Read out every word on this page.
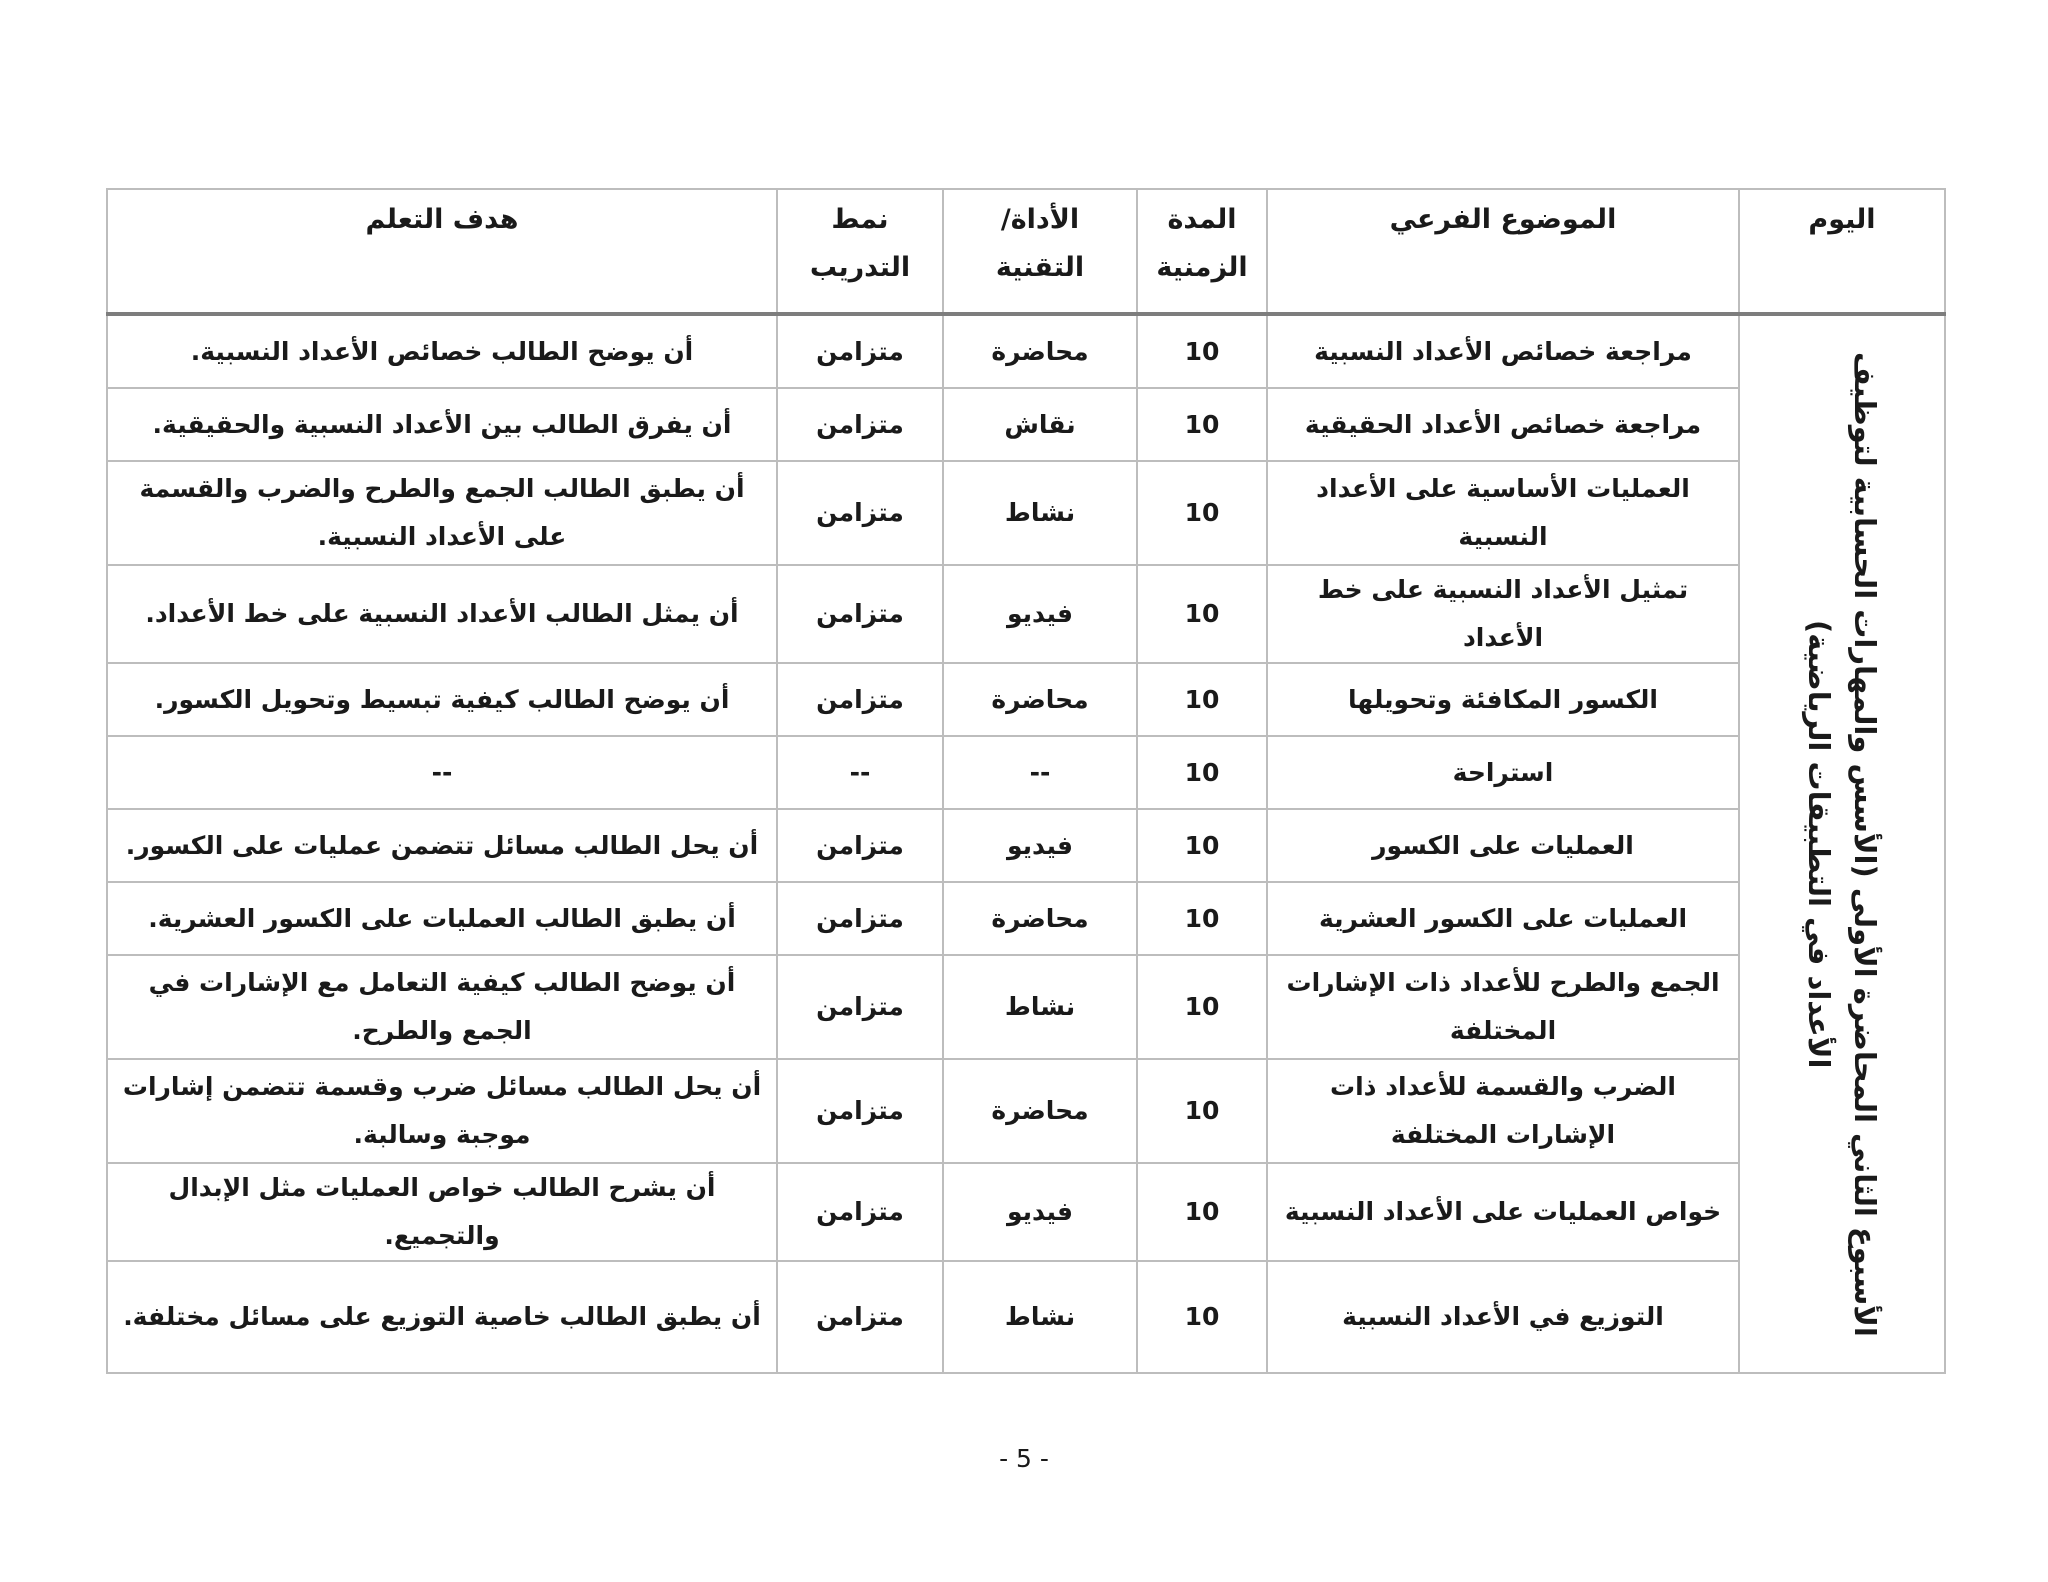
اليوم	الموضوع الفرعي	المدة الزمنية	الأداة/التقنية	نمط التدريب	هدف التعلم

الأسبوع الثاني المحاضرة الأولى (الأسس والمهارات الحسابية لتوظيف الأعداد في التطبيقات الرياضية)	مراجعة خصائص الأعداد النسبية	10	محاضرة	متزامن	أن يوضح الطالب خصائص الأعداد النسبية.
	مراجعة خصائص الأعداد الحقيقية	10	نقاش	متزامن	أن يفرق الطالب بين الأعداد النسبية والحقيقية.
	العمليات الأساسية على الأعداد النسبية	10	نشاط	متزامن	أن يطبق الطالب الجمع والطرح والضرب والقسمة على الأعداد النسبية.
	تمثيل الأعداد النسبية على خط الأعداد	10	فيديو	متزامن	أن يمثل الطالب الأعداد النسبية على خط الأعداد.
	الكسور المكافئة وتحويلها	10	محاضرة	متزامن	أن يوضح الطالب كيفية تبسيط وتحويل الكسور.
	استراحة	10	--	--	--
	العمليات على الكسور	10	فيديو	متزامن	أن يحل الطالب مسائل تتضمن عمليات على الكسور.
	العمليات على الكسور العشرية	10	محاضرة	متزامن	أن يطبق الطالب العمليات على الكسور العشرية.
	الجمع والطرح للأعداد ذات الإشارات المختلفة	10	نشاط	متزامن	أن يوضح الطالب كيفية التعامل مع الإشارات في الجمع والطرح.
	الضرب والقسمة للأعداد ذات الإشارات المختلفة	10	محاضرة	متزامن	أن يحل الطالب مسائل ضرب وقسمة تتضمن إشارات موجبة وسالبة.
	خواص العمليات على الأعداد النسبية	10	فيديو	متزامن	أن يشرح الطالب خواص العمليات مثل الإبدال والتجميع.
	التوزيع في الأعداد النسبية	10	نشاط	متزامن	أن يطبق الطالب خاصية التوزيع على مسائل مختلفة.
- 5 -
